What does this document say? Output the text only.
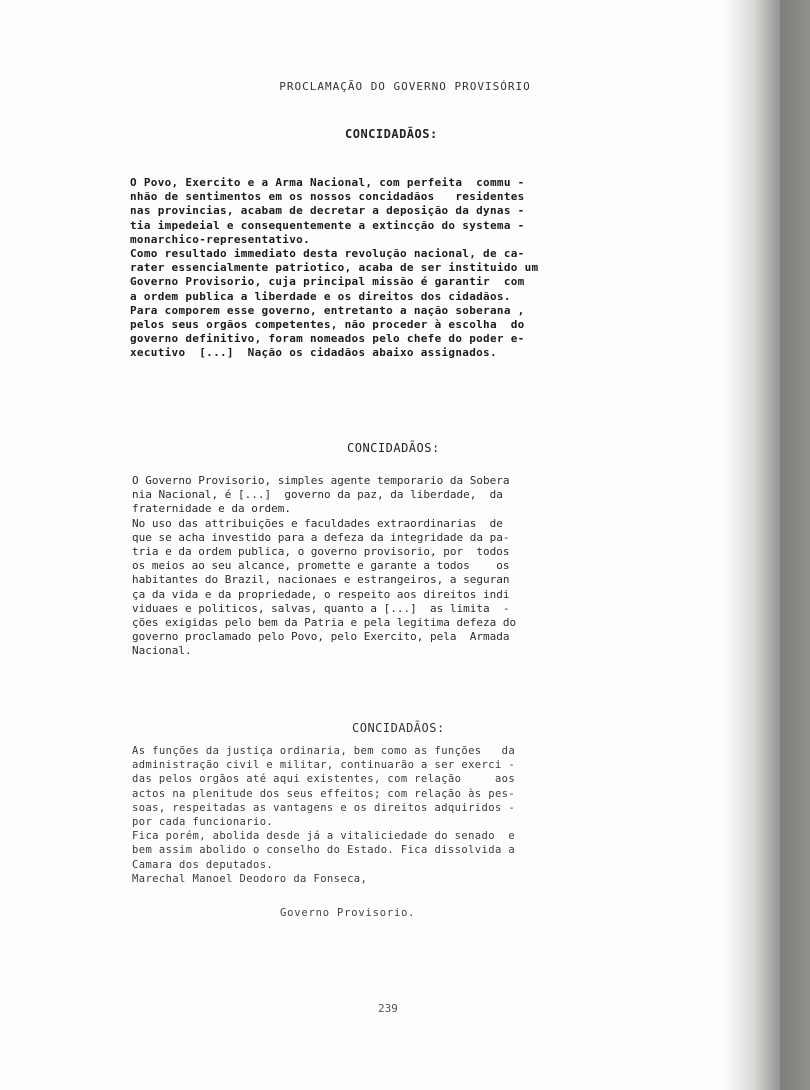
PROCLAMAÇÃO DO GOVERNO PROVISÓRIO
CONCIDADÃOS:
O Povo, Exercito e a Arma Nacional, com perfeita  commu -
nhão de sentimentos em os nossos concidadãos   residentes
nas provincias, acabam de decretar a deposição da dynas -
tia impedeial e consequentemente a extincção do systema -
monarchico-representativo.
Como resultado immediato desta revolução nacional, de ca-
rater essencialmente patriotico, acaba de ser instituido um
Governo Provisorio, cuja principal missão é garantir  com
a ordem publica a liberdade e os direitos dos cidadãos.
Para comporem esse governo, entretanto a nação soberana ,
pelos seus orgãos competentes, não proceder à escolha  do
governo definitivo, foram nomeados pelo chefe do poder e-
xecutivo  [...]  Nação os cidadãos abaixo assignados.
CONCIDADÃOS:
O Governo Provisorio, simples agente temporario da Sobera
nia Nacional, é [...]  governo da paz, da liberdade,  da
fraternidade e da ordem.
No uso das attribuições e faculdades extraordinarias  de
que se acha investido para a defeza da integridade da pa-
tria e da ordem publica, o governo provisorio, por  todos
os meios ao seu alcance, promette e garante a todos    os
habitantes do Brazil, nacionaes e estrangeiros, a seguran
ça da vida e da propriedade, o respeito aos direitos indi
viduaes e politicos, salvas, quanto a [...]  as limita  -
ções exigidas pelo bem da Patria e pela legitima defeza do
governo proclamado pelo Povo, pelo Exercito, pela  Armada
Nacional.
CONCIDADÃOS:
As funções da justiça ordinaria, bem como as funções   da
administração civil e militar, continuarão a ser exerci -
das pelos orgãos até aqui existentes, com relação     aos
actos na plenitude dos seus effeitos; com relação às pes-
soas, respeitadas as vantagens e os direitos adquiridos -
por cada funcionario.
Fica porém, abolida desde já a vitaliciedade do senado  e
bem assim abolido o conselho do Estado. Fica dissolvida a
Camara dos deputados.
Marechal Manoel Deodoro da Fonseca,
Governo Provisorio.
239
